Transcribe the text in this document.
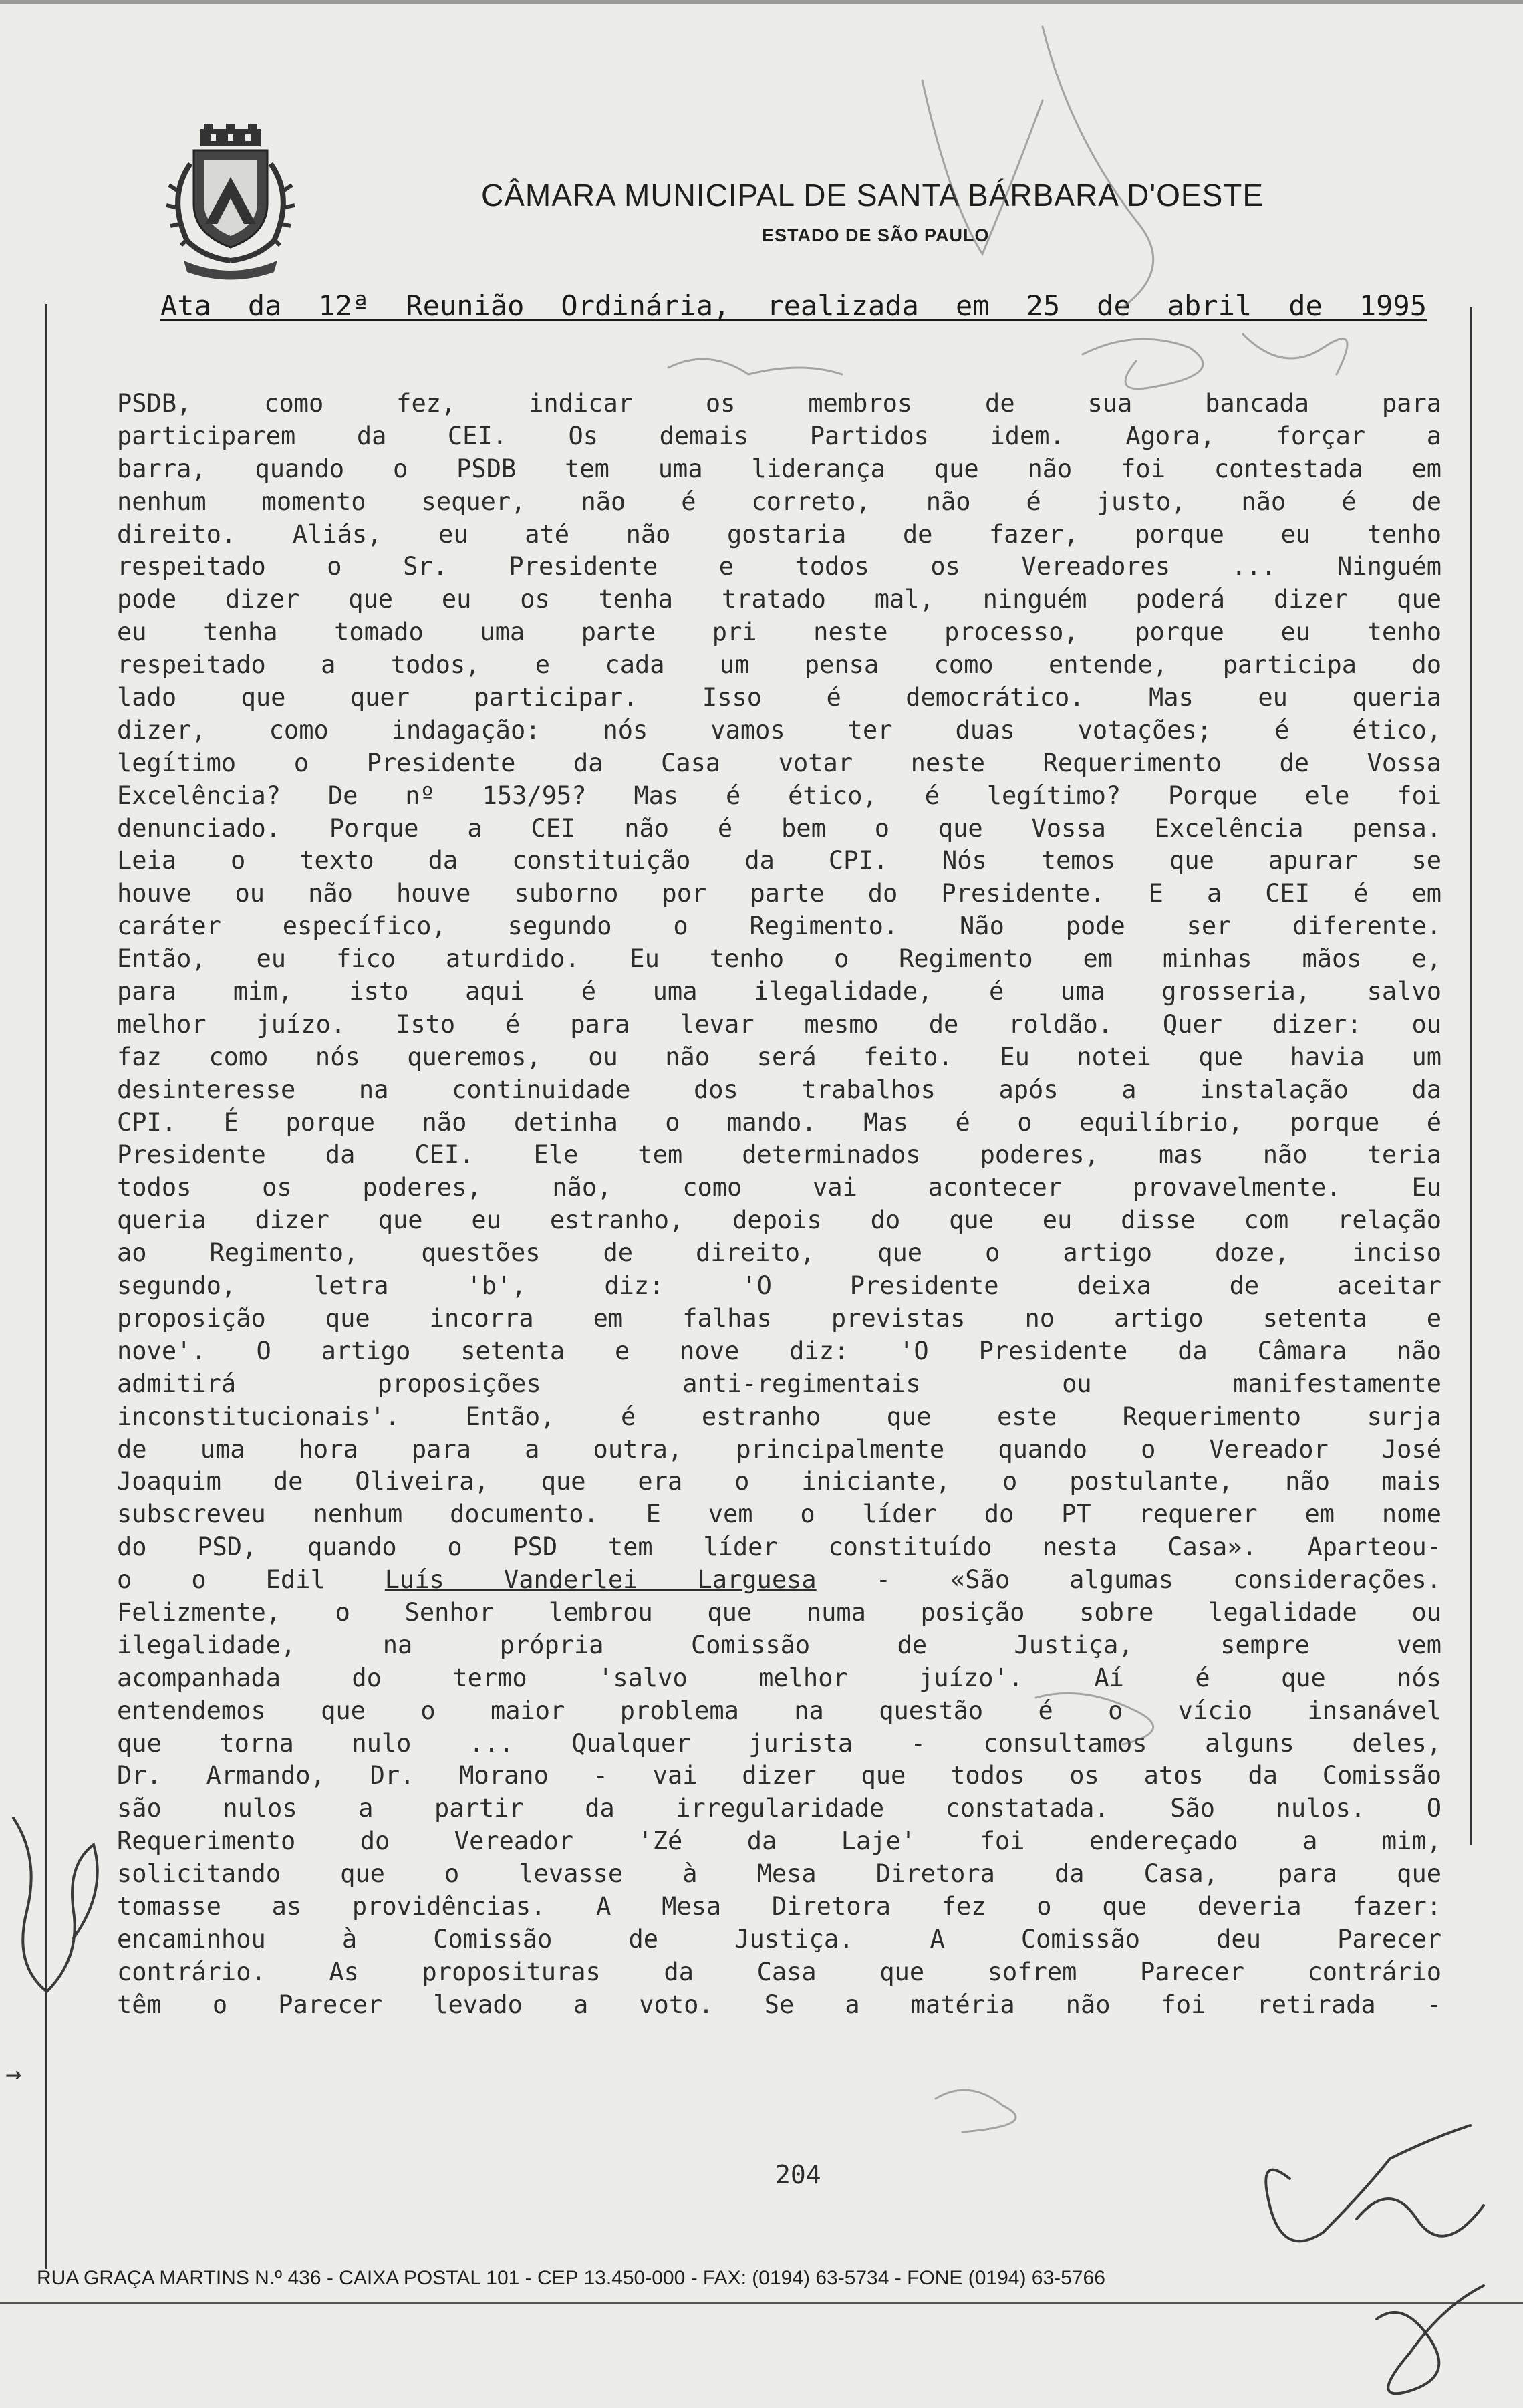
CÂMARA MUNICIPAL DE SANTA BÁRBARA D'OESTE
ESTADO DE SÃO PAULO
Ata da 12ª Reunião Ordinária, realizada em 25 de abril de 1995
PSDB, como fez, indicar os membros de sua bancada para
participarem da CEI. Os demais Partidos idem. Agora, forçar a
barra, quando o PSDB tem uma liderança que não foi contestada em
nenhum momento sequer, não é correto, não é justo, não é de
direito. Aliás, eu até não gostaria de fazer, porque eu tenho
respeitado o Sr. Presidente e todos os Vereadores ... Ninguém
pode dizer que eu os tenha tratado mal, ninguém poderá dizer que
eu tenha tomado uma parte pri neste processo, porque eu tenho
respeitado a todos, e cada um pensa como entende, participa do
lado que quer participar. Isso é democrático. Mas eu queria
dizer, como indagação: nós vamos ter duas votações; é ético,
legítimo o Presidente da Casa votar neste Requerimento de Vossa
Excelência? De nº 153/95? Mas é ético, é legítimo? Porque ele foi
denunciado. Porque a CEI não é bem o que Vossa Excelência pensa.
Leia o texto da constituição da CPI. Nós temos que apurar se
houve ou não houve suborno por parte do Presidente. E a CEI é em
caráter específico, segundo o Regimento. Não pode ser diferente.
Então, eu fico aturdido. Eu tenho o Regimento em minhas mãos e,
para mim, isto aqui é uma ilegalidade, é uma grosseria, salvo
melhor juízo. Isto é para levar mesmo de roldão. Quer dizer: ou
faz como nós queremos, ou não será feito. Eu notei que havia um
desinteresse na continuidade dos trabalhos após a instalação da
CPI. É porque não detinha o mando. Mas é o equilíbrio, porque é
Presidente da CEI. Ele tem determinados poderes, mas não teria
todos os poderes, não, como vai acontecer provavelmente. Eu
queria dizer que eu estranho, depois do que eu disse com relação
ao Regimento, questões de direito, que o artigo doze, inciso
segundo, letra 'b', diz: 'O Presidente deixa de aceitar
proposição que incorra em falhas previstas no artigo setenta e
nove'. O artigo setenta e nove diz: 'O Presidente da Câmara não
admitirá proposições anti-regimentais ou manifestamente
inconstitucionais'. Então, é estranho que este Requerimento surja
de uma hora para a outra, principalmente quando o Vereador José
Joaquim de Oliveira, que era o iniciante, o postulante, não mais
subscreveu nenhum documento. E vem o líder do PT requerer em nome
do PSD, quando o PSD tem líder constituído nesta Casa». Aparteou-
o o Edil Luís Vanderlei Larguesa - «São algumas considerações.
Felizmente, o Senhor lembrou que numa posição sobre legalidade ou
ilegalidade, na própria Comissão de Justiça, sempre vem
acompanhada do termo 'salvo melhor juízo'. Aí é que nós
entendemos que o maior problema na questão é o vício insanável
que torna nulo ... Qualquer jurista - consultamos alguns deles,
Dr. Armando, Dr. Morano - vai dizer que todos os atos da Comissão
são nulos a partir da irregularidade constatada. São nulos. O
Requerimento do Vereador 'Zé da Laje' foi endereçado a mim,
solicitando que o levasse à Mesa Diretora da Casa, para que
tomasse as providências. A Mesa Diretora fez o que deveria fazer:
encaminhou à Comissão de Justiça. A Comissão deu Parecer
contrário. As proposituras da Casa que sofrem Parecer contrário
têm o Parecer levado a voto. Se a matéria não foi retirada -
→
204
RUA GRAÇA MARTINS N.º 436 - CAIXA POSTAL 101 - CEP 13.450-000 - FAX: (0194) 63-5734 - FONE (0194) 63-5766
